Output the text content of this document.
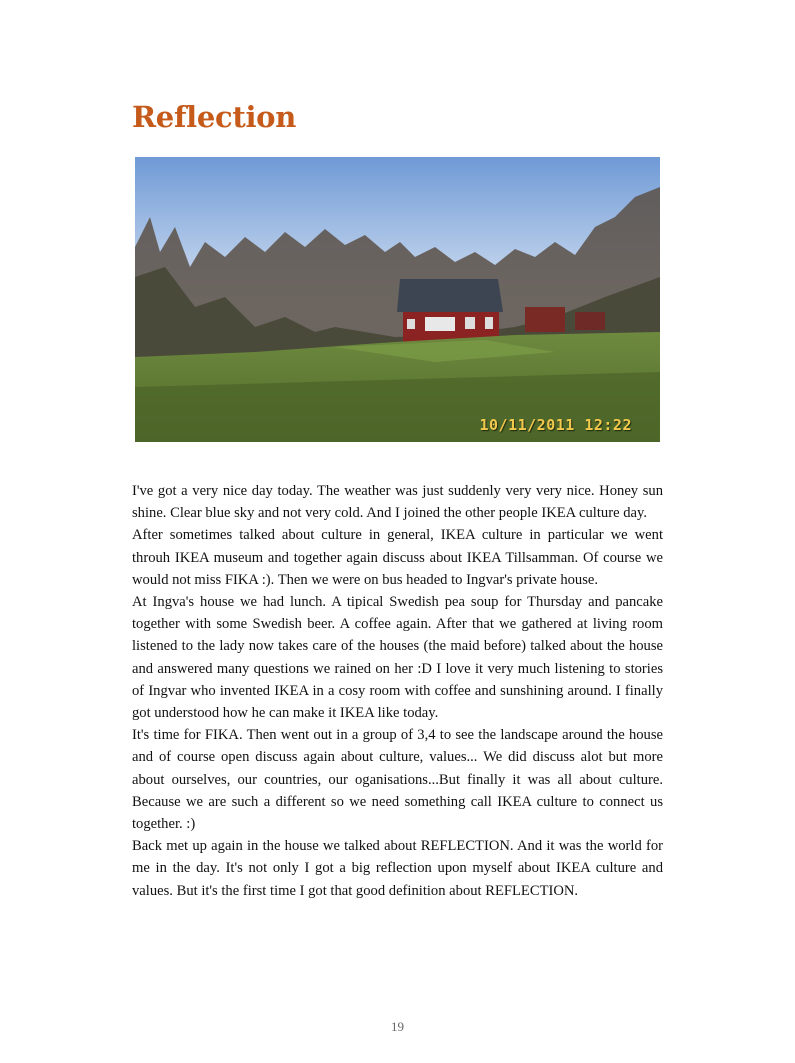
Reflection
10/11/2011 12:22

I've got a very nice day today. The weather was just suddenly very very nice. Honey sun shine. Clear blue sky and not very cold. And I joined the other people IKEA culture day.

After sometimes talked about culture in general, IKEA culture in particular we went throuh IKEA museum and together again discuss about IKEA Tillsamman. Of course we would not miss FIKA :). Then we were on bus headed to Ingvar's private house.

At Ingva's house we had lunch. A tipical Swedish pea soup for Thursday and pancake together with some Swedish beer. A coffee again. After that we gathered at living room listened to the lady now takes care of the houses (the maid before) talked about the house and answered many questions we rained on her :D I love it very much listening to stories of Ingvar who invented IKEA in a cosy room with coffee and sunshining around. I finally got understood how he can make it IKEA like today.

It's time for FIKA. Then went out in a group of 3,4 to see the landscape around the house and of course open discuss again about culture, values... We did discuss alot but more about ourselves, our countries, our oganisations...But finally it was all about culture. Because we are such a different so we need something call IKEA culture to connect us together. :)

Back met up again in the house we talked about REFLECTION. And it was the world for me in the day. It's not only I got a big reflection upon myself about IKEA culture and values. But it's the first time I got that good definition about REFLECTION.

19
